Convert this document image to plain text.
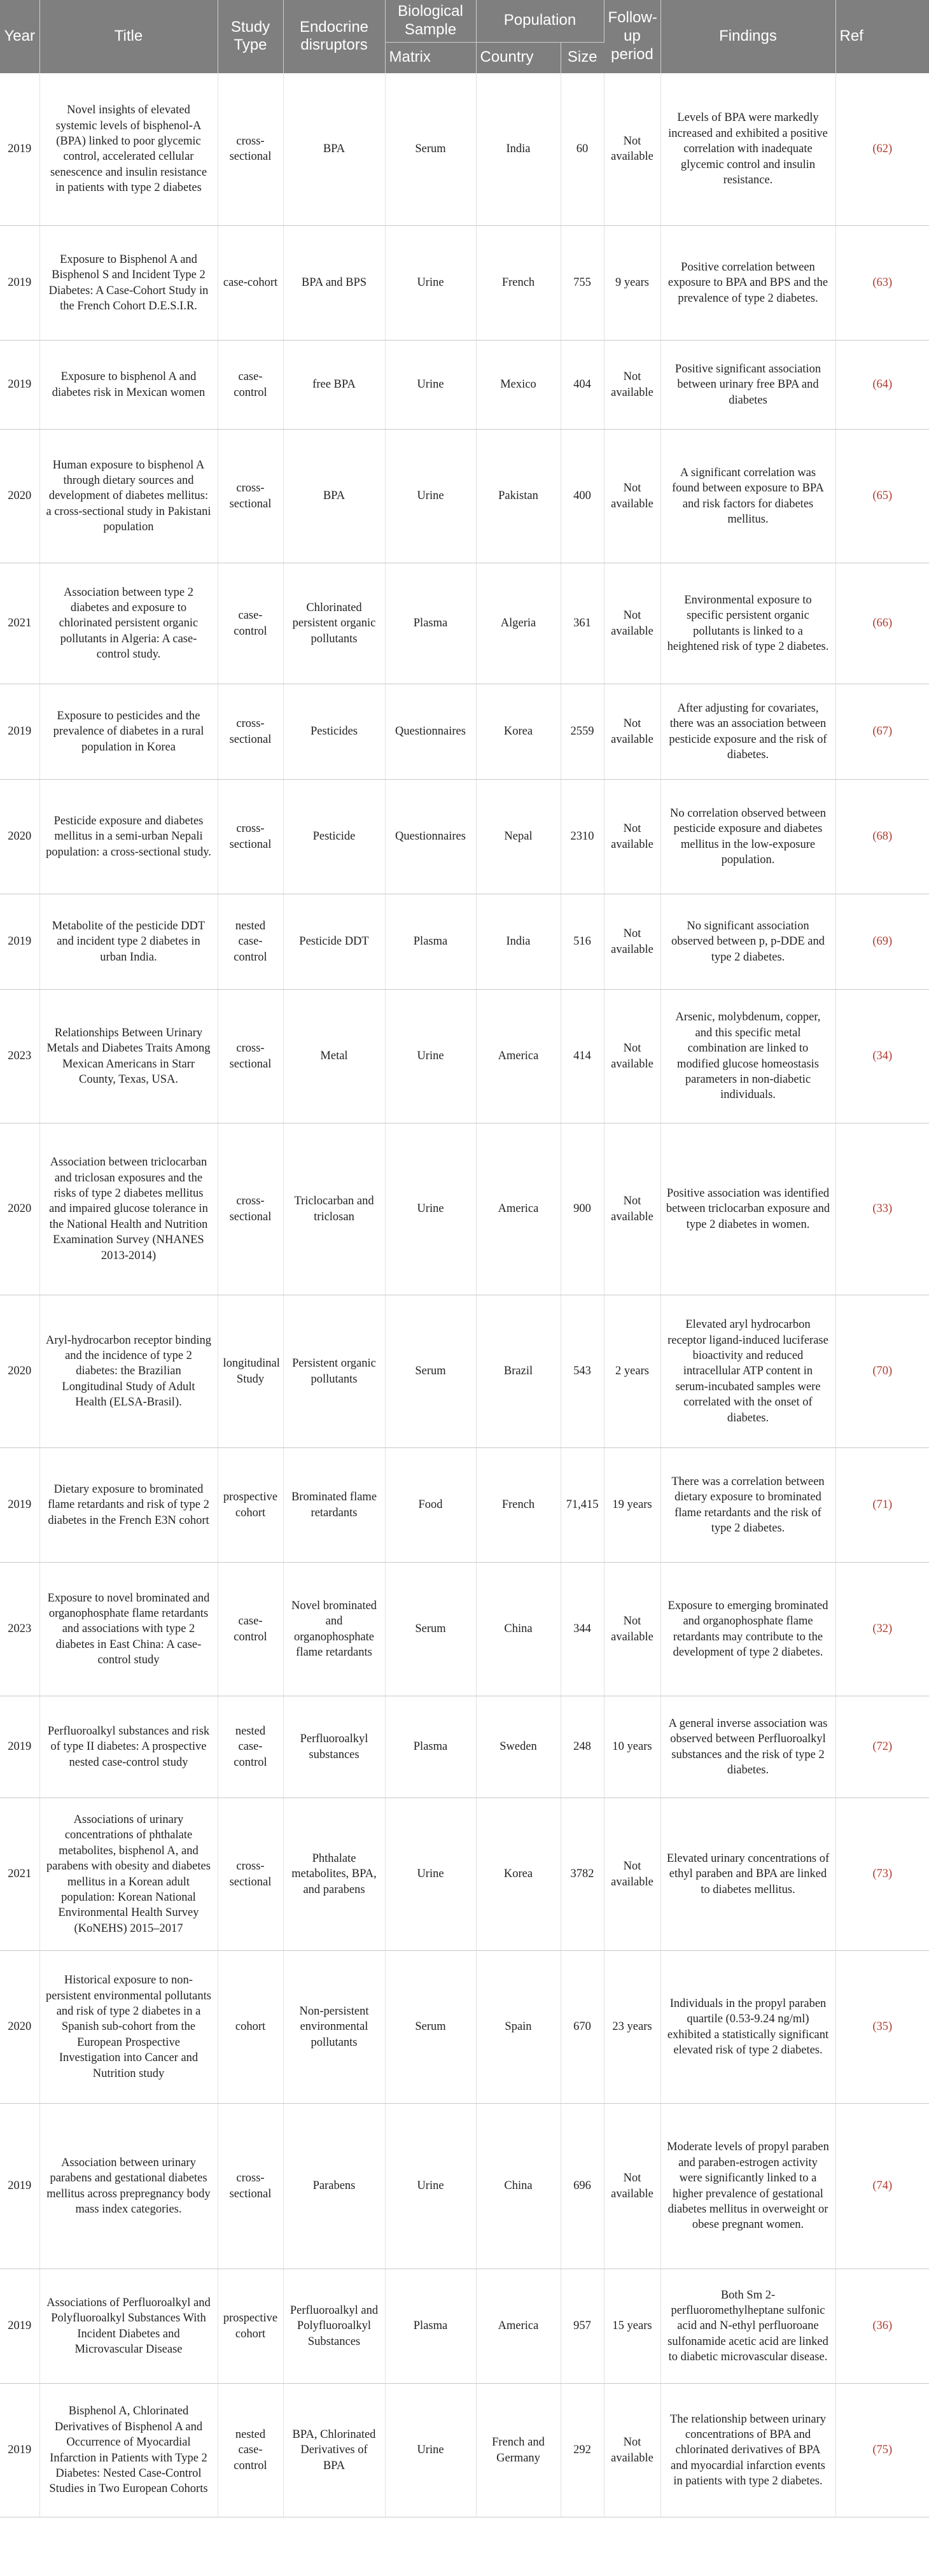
Year	Title	Study Type	Endocrine disruptors	Biological Sample	Population		Follow-up period	Findings	Ref
				Matrix	Country	Size			
2019	Novel insights of elevated systemic levels of bisphenol-A (BPA) linked to poor glycemic control, accelerated cellular senescence and insulin resistance in patients with type 2 diabetes	cross-sectional	BPA	Serum	India	60	Not available	Levels of BPA were markedly increased and exhibited a positive correlation with inadequate glycemic control and insulin resistance.	(62)
2019	Exposure to Bisphenol A and Bisphenol S and Incident Type 2 Diabetes: A Case-Cohort Study in the French Cohort D.E.S.I.R.	case-cohort	BPA and BPS	Urine	French	755	9 years	Positive correlation between exposure to BPA and BPS and the prevalence of type 2 diabetes.	(63)
2019	Exposure to bisphenol A and diabetes risk in Mexican women	case-control	free BPA	Urine	Mexico	404	Not available	Positive significant association between urinary free BPA and diabetes	(64)
2020	Human exposure to bisphenol A through dietary sources and development of diabetes mellitus: a cross-sectional study in Pakistani population	cross-sectional	BPA	Urine	Pakistan	400	Not available	A significant correlation was found between exposure to BPA and risk factors for diabetes mellitus.	(65)
2021	Association between type 2 diabetes and exposure to chlorinated persistent organic pollutants in Algeria: A case-control study.	case-control	Chlorinated persistent organic pollutants	Plasma	Algeria	361	Not available	Environmental exposure to specific persistent organic pollutants is linked to a heightened risk of type 2 diabetes.	(66)
2019	Exposure to pesticides and the prevalence of diabetes in a rural population in Korea	cross-sectional	Pesticides	Questionnaires	Korea	2559	Not available	After adjusting for covariates, there was an association between pesticide exposure and the risk of diabetes.	(67)
2020	Pesticide exposure and diabetes mellitus in a semi-urban Nepali population: a cross-sectional study.	cross-sectional	Pesticide	Questionnaires	Nepal	2310	Not available	No correlation observed between pesticide exposure and diabetes mellitus in the low-exposure population.	(68)
2019	Metabolite of the pesticide DDT and incident type 2 diabetes in urban India.	nested case-control	Pesticide DDT	Plasma	India	516	Not available	No significant association observed between p, p-DDE and type 2 diabetes.	(69)
2023	Relationships Between Urinary Metals and Diabetes Traits Among Mexican Americans in Starr County, Texas, USA.	cross-sectional	Metal	Urine	America	414	Not available	Arsenic, molybdenum, copper, and this specific metal combination are linked to modified glucose homeostasis parameters in non-diabetic individuals.	(34)
2020	Association between triclocarban and triclosan exposures and the risks of type 2 diabetes mellitus and impaired glucose tolerance in the National Health and Nutrition Examination Survey (NHANES 2013-2014)	cross-sectional	Triclocarban and triclosan	Urine	America	900	Not available	Positive association was identified between triclocarban exposure and type 2 diabetes in women.	(33)
2020	Aryl-hydrocarbon receptor binding and the incidence of type 2 diabetes: the Brazilian Longitudinal Study of Adult Health (ELSA-Brasil).	longitudinal Study	Persistent organic pollutants	Serum	Brazil	543	2 years	Elevated aryl hydrocarbon receptor ligand-induced luciferase bioactivity and reduced intracellular ATP content in serum-incubated samples were correlated with the onset of diabetes.	(70)
2019	Dietary exposure to brominated flame retardants and risk of type 2 diabetes in the French E3N cohort	prospective cohort	Brominated flame retardants	Food	French	71,415	19 years	There was a correlation between dietary exposure to brominated flame retardants and the risk of type 2 diabetes.	(71)
2023	Exposure to novel brominated and organophosphate flame retardants and associations with type 2 diabetes in East China: A case-control study	case-control	Novel brominated and organophosphate flame retardants	Serum	China	344	Not available	Exposure to emerging brominated and organophosphate flame retardants may contribute to the development of type 2 diabetes.	(32)
2019	Perfluoroalkyl substances and risk of type II diabetes: A prospective nested case-control study	nested case-control	Perfluoroalkyl substances	Plasma	Sweden	248	10 years	A general inverse association was observed between Perfluoroalkyl substances and the risk of type 2 diabetes.	(72)
2021	Associations of urinary concentrations of phthalate metabolites, bisphenol A, and parabens with obesity and diabetes mellitus in a Korean adult population: Korean National Environmental Health Survey (KoNEHS) 2015–2017	cross-sectional	Phthalate metabolites, BPA, and parabens	Urine	Korea	3782	Not available	Elevated urinary concentrations of ethyl paraben and BPA are linked to diabetes mellitus.	(73)
2020	Historical exposure to non-persistent environmental pollutants and risk of type 2 diabetes in a Spanish sub-cohort from the European Prospective Investigation into Cancer and Nutrition study	cohort	Non-persistent environmental pollutants	Serum	Spain	670	23 years	Individuals in the propyl paraben quartile (0.53-9.24 ng/ml) exhibited a statistically significant elevated risk of type 2 diabetes.	(35)
2019	Association between urinary parabens and gestational diabetes mellitus across prepregnancy body mass index categories.	cross-sectional	Parabens	Urine	China	696	Not available	Moderate levels of propyl paraben and paraben-estrogen activity were significantly linked to a higher prevalence of gestational diabetes mellitus in overweight or obese pregnant women.	(74)
2019	Associations of Perfluoroalkyl and Polyfluoroalkyl Substances With Incident Diabetes and Microvascular Disease	prospective cohort	Perfluoroalkyl and Polyfluoroalkyl Substances	Plasma	America	957	15 years	Both Sm 2-perfluoromethylheptane sulfonic acid and N-ethyl perfluoroane sulfonamide acetic acid are linked to diabetic microvascular disease.	(36)
2019	Bisphenol A, Chlorinated Derivatives of Bisphenol A and Occurrence of Myocardial Infarction in Patients with Type 2 Diabetes: Nested Case-Control Studies in Two European Cohorts	nested case-control	BPA, Chlorinated Derivatives of BPA	Urine	French and Germany	292	Not available	The relationship between urinary concentrations of BPA and chlorinated derivatives of BPA and myocardial infarction events in patients with type 2 diabetes.	(75)
